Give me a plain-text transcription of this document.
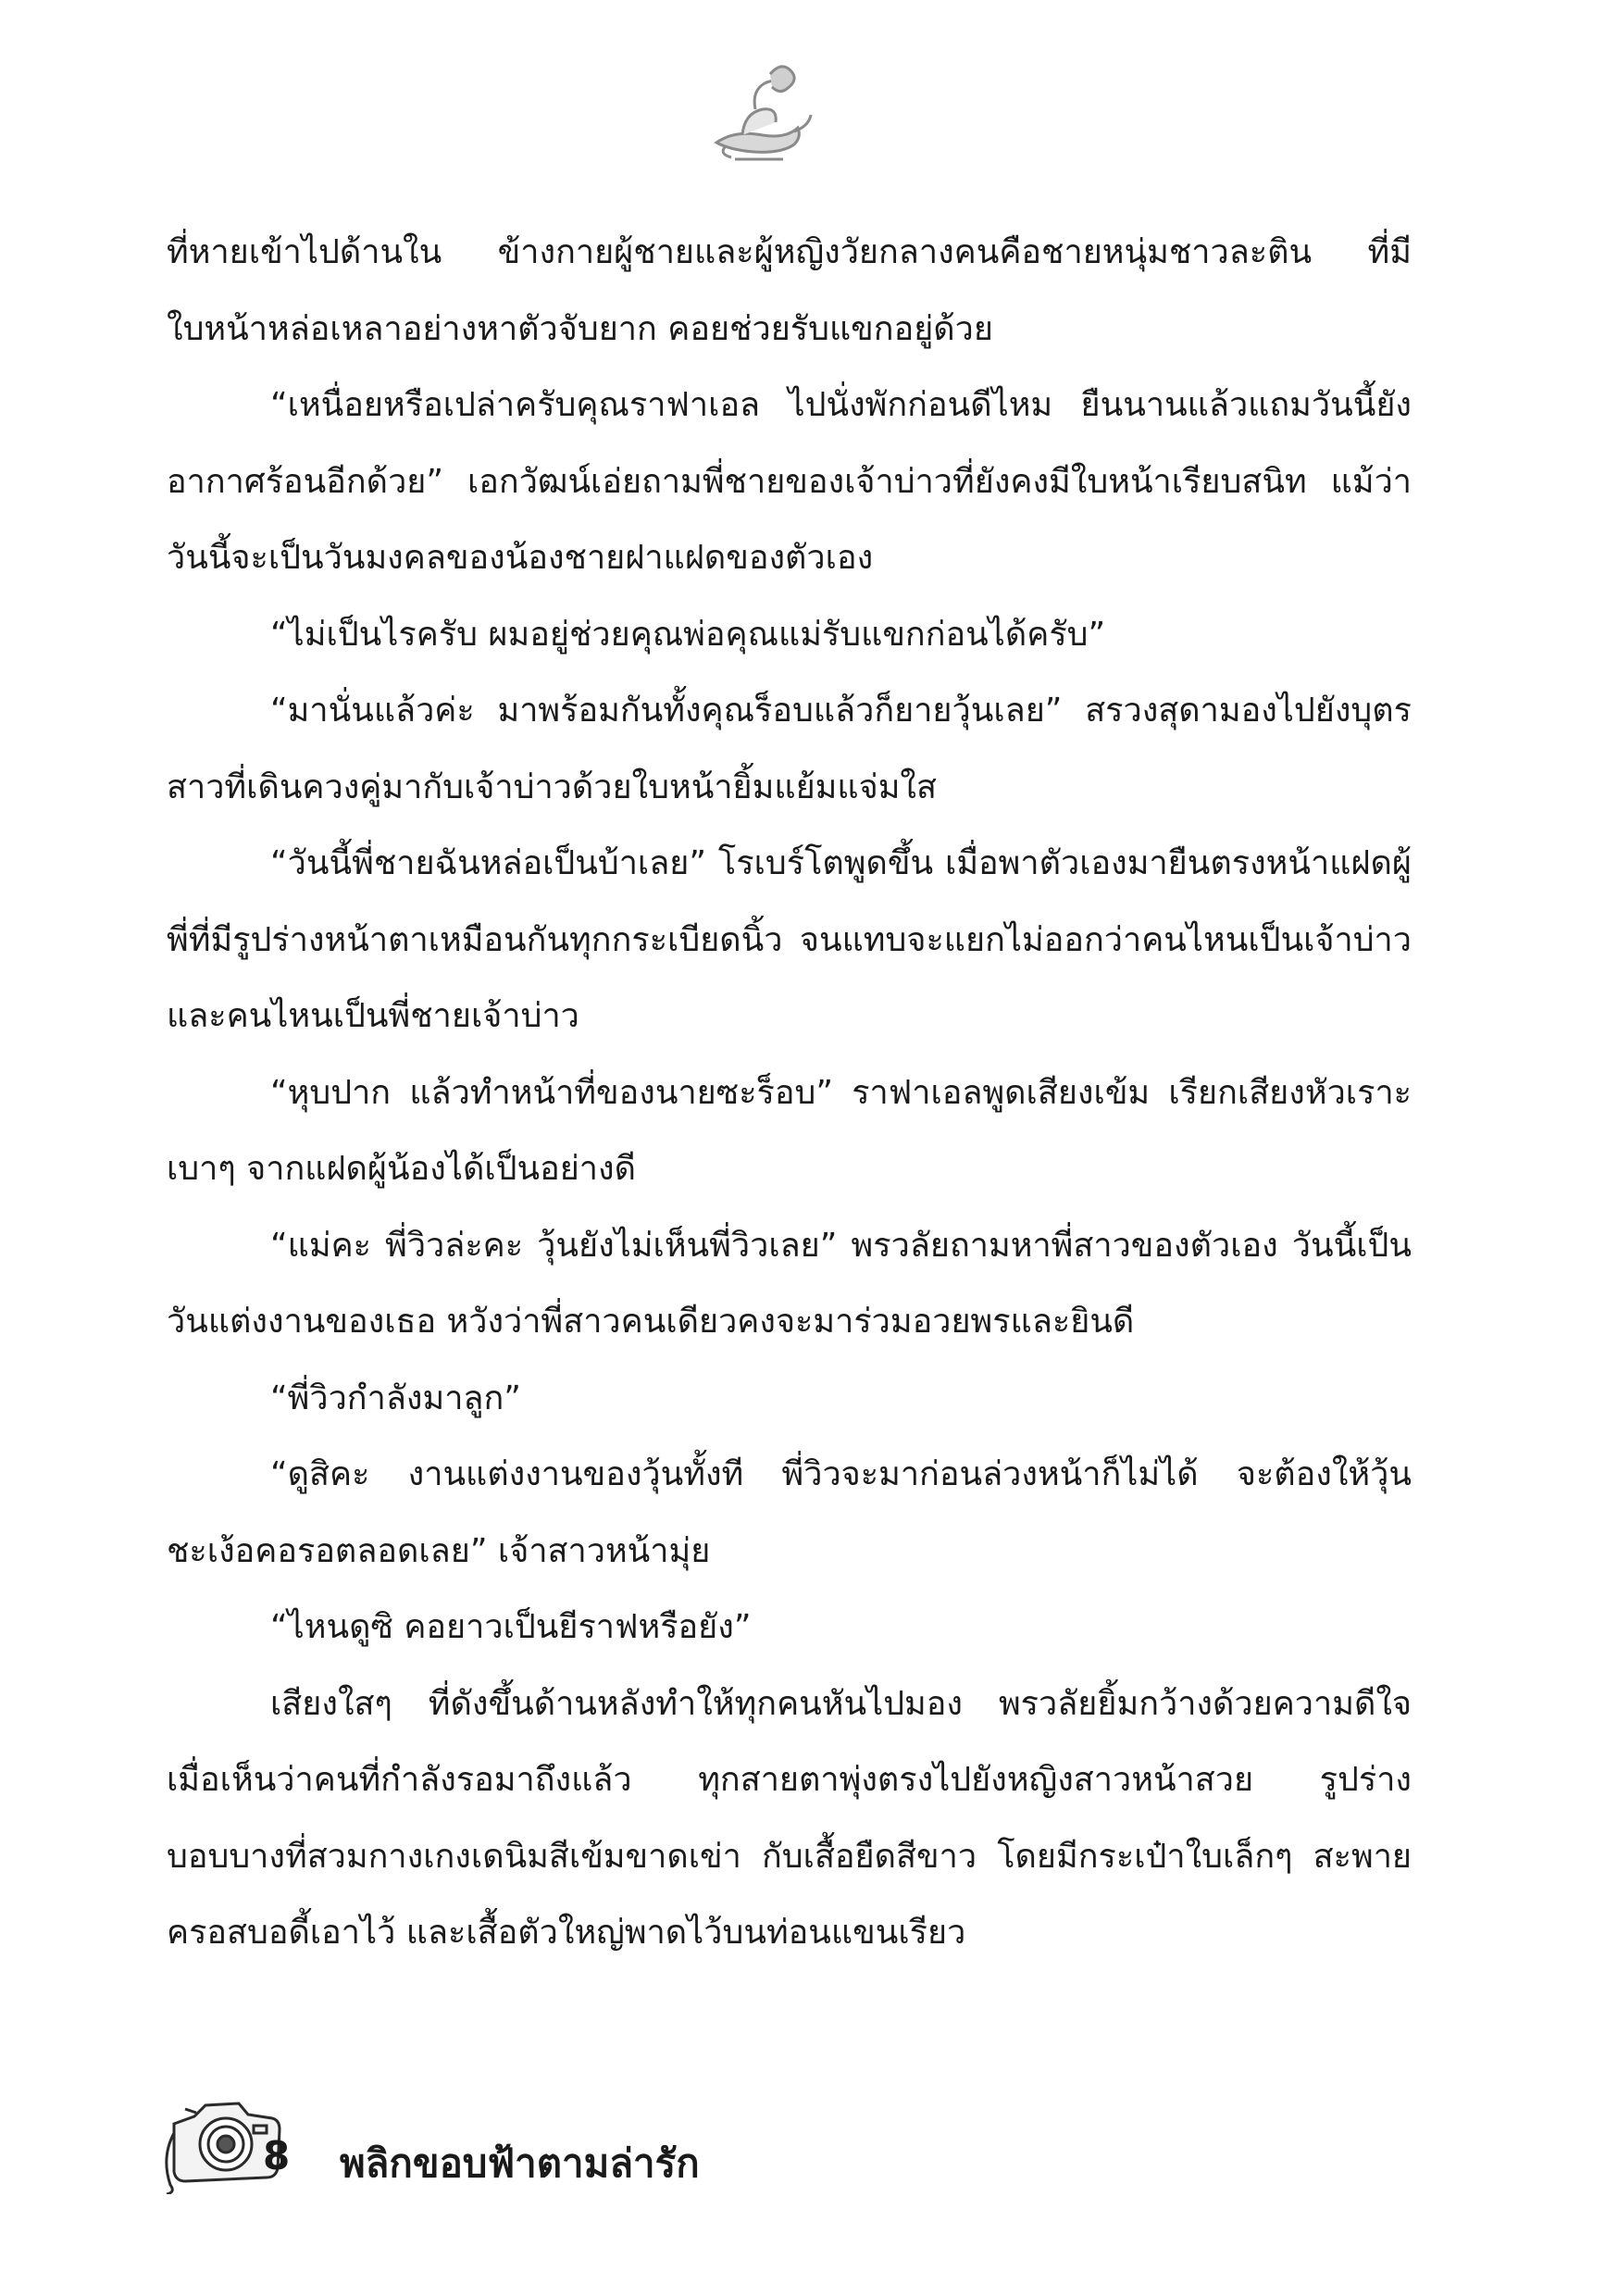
ที่หายเข้าไปด้านใน ข้างกายผู้ชายและผู้หญิงวัยกลางคนคือชายหนุ่มชาวละติน ที่มีใบหน้าหล่อเหลาอย่างหาตัวจับยาก คอยช่วยรับแขกอยู่ด้วย

“เหนื่อยหรือเปล่าครับคุณราฟาเอล ไปนั่งพักก่อนดีไหม ยืนนานแล้วแถมวันนี้ยังอากาศร้อนอีกด้วย” เอกวัฒน์เอ่ยถามพี่ชายของเจ้าบ่าวที่ยังคงมีใบหน้าเรียบสนิท แม้ว่าวันนี้จะเป็นวันมงคลของน้องชายฝาแฝดของตัวเอง

“ไม่เป็นไรครับ ผมอยู่ช่วยคุณพ่อคุณแม่รับแขกก่อนได้ครับ”

“มานั่นแล้วค่ะ มาพร้อมกันทั้งคุณร็อบแล้วก็ยายวุ้นเลย” สรวงสุดามองไปยังบุตรสาวที่เดินควงคู่มากับเจ้าบ่าวด้วยใบหน้ายิ้มแย้มแจ่มใส

“วันนี้พี่ชายฉันหล่อเป็นบ้าเลย” โรเบร์โตพูดขึ้น เมื่อพาตัวเองมายืนตรงหน้าแฝดผู้พี่ที่มีรูปร่างหน้าตาเหมือนกันทุกกระเบียดนิ้ว จนแทบจะแยกไม่ออกว่าคนไหนเป็นเจ้าบ่าว และคนไหนเป็นพี่ชายเจ้าบ่าว

“หุบปาก แล้วทำหน้าที่ของนายซะร็อบ” ราฟาเอลพูดเสียงเข้ม เรียกเสียงหัวเราะเบาๆ จากแฝดผู้น้องได้เป็นอย่างดี

“แม่คะ พี่วิวล่ะคะ วุ้นยังไม่เห็นพี่วิวเลย” พรวลัยถามหาพี่สาวของตัวเอง วันนี้เป็นวันแต่งงานของเธอ หวังว่าพี่สาวคนเดียวคงจะมาร่วมอวยพรและยินดี

“พี่วิวกำลังมาลูก”

“ดูสิคะ งานแต่งงานของวุ้นทั้งที พี่วิวจะมาก่อนล่วงหน้าก็ไม่ได้ จะต้องให้วุ้นชะเง้อคอรอตลอดเลย” เจ้าสาวหน้ามุ่ย

“ไหนดูซิ คอยาวเป็นยีราฟหรือยัง”

เสียงใสๆ ที่ดังขึ้นด้านหลังทำให้ทุกคนหันไปมอง พรวลัยยิ้มกว้างด้วยความดีใจ เมื่อเห็นว่าคนที่กำลังรอมาถึงแล้ว ทุกสายตาพุ่งตรงไปยังหญิงสาวหน้าสวย รูปร่างบอบบางที่สวมกางเกงเดนิมสีเข้มขาดเข่า กับเสื้อยืดสีขาว โดยมีกระเป๋าใบเล็กๆ สะพาย ครอสบอดี้เอาไว้ และเสื้อตัวใหญ่พาดไว้บนท่อนแขนเรียว

8 พลิกขอบฟ้าตามล่ารัก
